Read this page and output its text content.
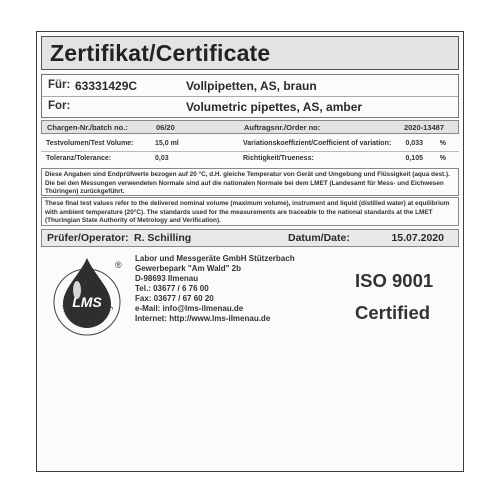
Zertifikat/Certificate
Für: 63331429C	Vollpipetten, AS, braun
For:	Volumetric pipettes, AS, amber
Chargen-Nr./batch no.:	06/20	Auftragsnr./Order no:	2020-13487
Testvolumen/Test Volume:	15,0 ml	Variationskoeffizient/Coefficient of variation: 0,033 %
Toleranz/Tolerance:	0,03	Richtigkeit/Trueness:	0,105 %

Diese Angaben sind Endprüfwerte bezogen auf 20 °C, d.H. gleiche Temperatur von Gerät und Umgebung und Flüssigkeit (aqua dest.). Die bei den Messungen verwendeten Normale sind auf die nationalen Normale bei dem LMET (Landesamt für Mess- und Eichwesen Thüringen) zurückgeführt.

These final test values refer to the delivered nominal volume (maximum volume), instrument and liquid (distilled water) at equilibrium with ambient temperature (20°C). The standards used for the measurements are traceable to the national standards at the LMET (Thuringian State Authority of Metrology and Verification).

Prüfer/Operator: R. Schilling	Datum/Date:	15.07.2020
LMS
Made in Germany
®
Labor und Messgeräte GmbH Stützerbach
Gewerbepark "Am Wald" 2b
D-98693 Ilmenau
Tel.: 03677 / 6 76 00
Fax: 03677 / 67 60 20
e-Mail: info@lms-ilmenau.de
Internet: http://www.lms-ilmenau.de
ISO 9001
Certified
